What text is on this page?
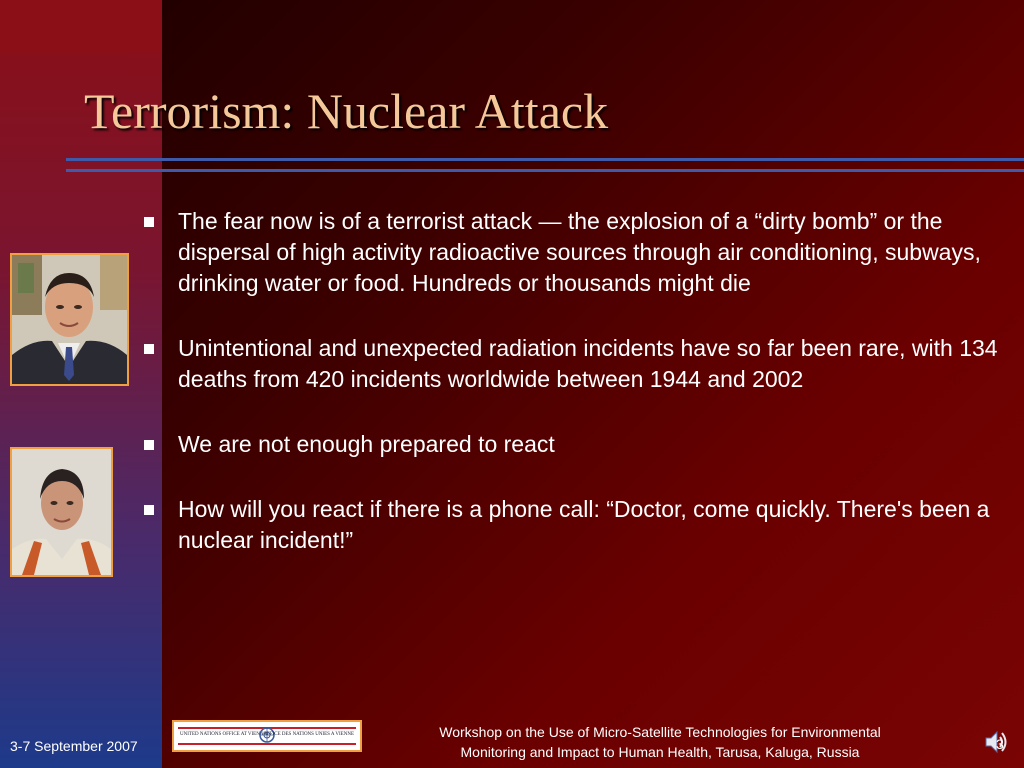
Terrorism: Nuclear Attack
The fear now is of a terrorist attack — the explosion of a “dirty bomb” or the dispersal of high activity radioactive sources through air conditioning, subways, drinking water or food. Hundreds or thousands might die
Unintentional and unexpected radiation incidents have so far been rare, with 134 deaths from 420 incidents worldwide between 1944 and 2002
We are not enough prepared to react
How will you react if there is a phone call: “Doctor, come quickly. There's been a nuclear incident!”
3-7 September 2007
UNITED NATIONS OFFICE AT VIENNA
OFFICE DES NATIONS UNIES A VIENNE	Workshop on the Use of Micro-Satellite Technologies for Environmental
Monitoring and Impact to Human Health, Tarusa, Kaluga, Russia	3
